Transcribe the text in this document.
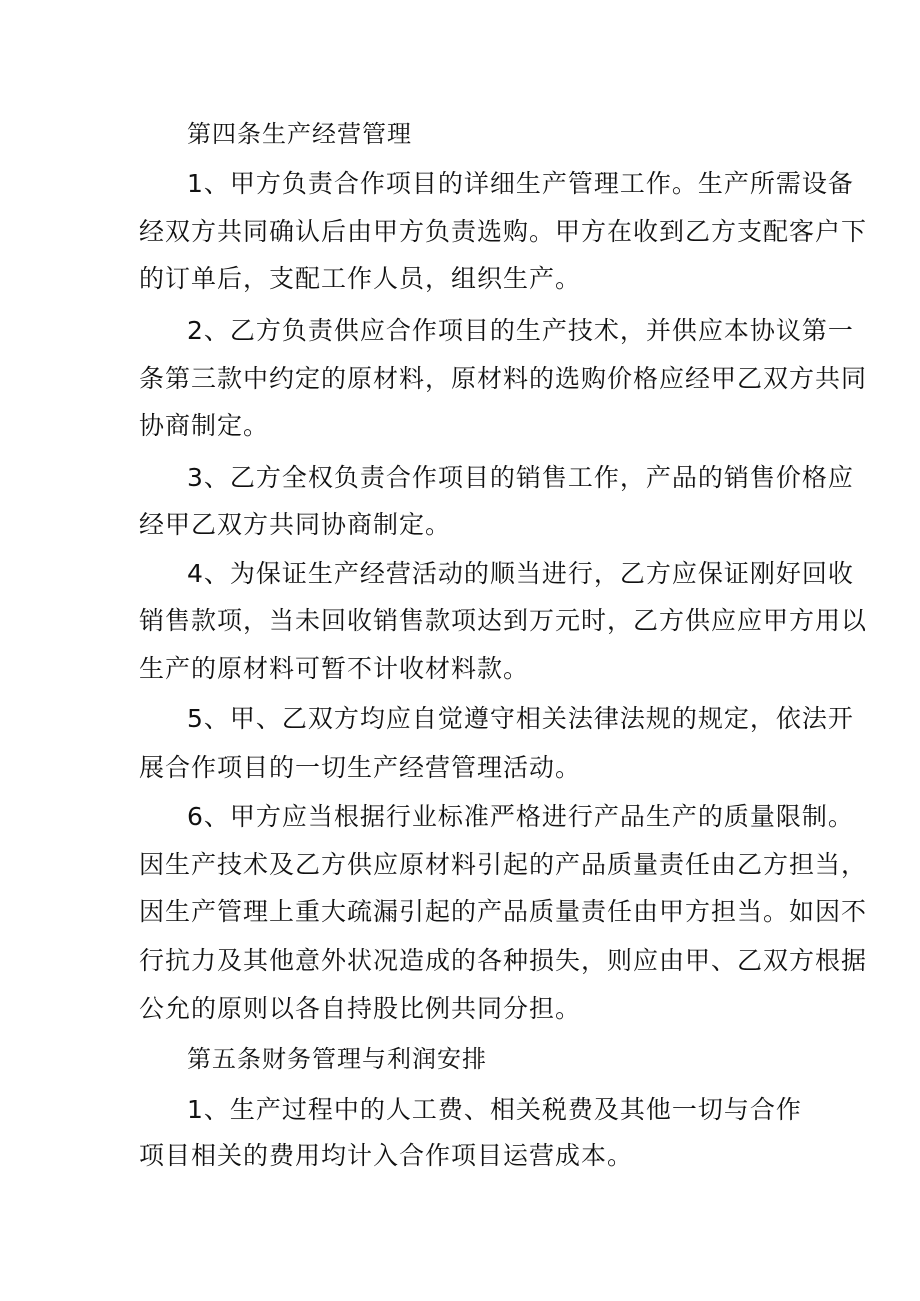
第四条生产经营管理
1、甲方负责合作项目的详细生产管理工作。生产所需设备
经双方共同确认后由甲方负责选购。甲方在收到乙方支配客户下
的订单后，支配工作人员，组织生产。
2、乙方负责供应合作项目的生产技术，并供应本协议第一
条第三款中约定的原材料，原材料的选购价格应经甲乙双方共同
协商制定。
3、乙方全权负责合作项目的销售工作，产品的销售价格应
经甲乙双方共同协商制定。
4、为保证生产经营活动的顺当进行，乙方应保证刚好回收
销售款项，当未回收销售款项达到万元时，乙方供应应甲方用以
生产的原材料可暂不计收材料款。
5、甲、乙双方均应自觉遵守相关法律法规的规定，依法开
展合作项目的一切生产经营管理活动。
6、甲方应当根据行业标准严格进行产品生产的质量限制。
因生产技术及乙方供应原材料引起的产品质量责任由乙方担当，
因生产管理上重大疏漏引起的产品质量责任由甲方担当。如因不
行抗力及其他意外状况造成的各种损失，则应由甲、乙双方根据
公允的原则以各自持股比例共同分担。
第五条财务管理与利润安排
1、生产过程中的人工费、相关税费及其他一切与合作
项目相关的费用均计入合作项目运营成本。
